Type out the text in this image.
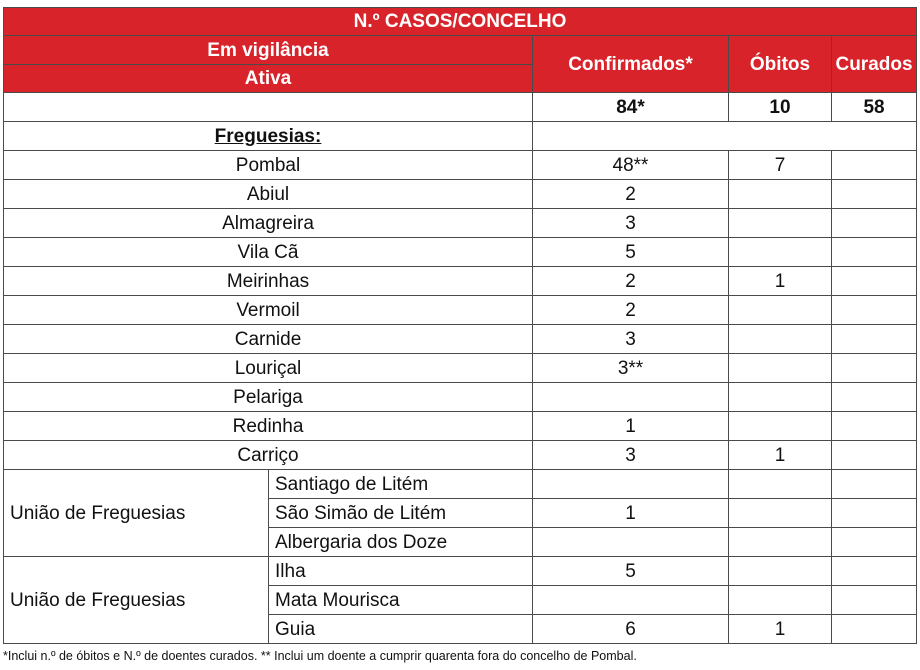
N.º CASOS/CONCELHO				
Em vigilância		Confirmados*	Óbitos	Curados
Ativa				
		84*	10	58
Freguesias:				
Pombal		48**	7	
Abiul		2		
Almagreira		3		
Vila Cã		5		
Meirinhas		2	1	
Vermoil		2		
Carnide		3		
Louriçal		3**		
Pelariga				
Redinha		1		
Carriço		3	1	
União de Freguesias	Santiago de Litém			
	São Simão de Litém	1		
	Albergaria dos Doze			
União de Freguesias	Ilha	5		
	Mata Mourisca			
	Guia	6	1	
*Inclui n.º de óbitos e N.º de doentes curados. ** Inclui um doente a cumprir quarenta fora do concelho de Pombal.
